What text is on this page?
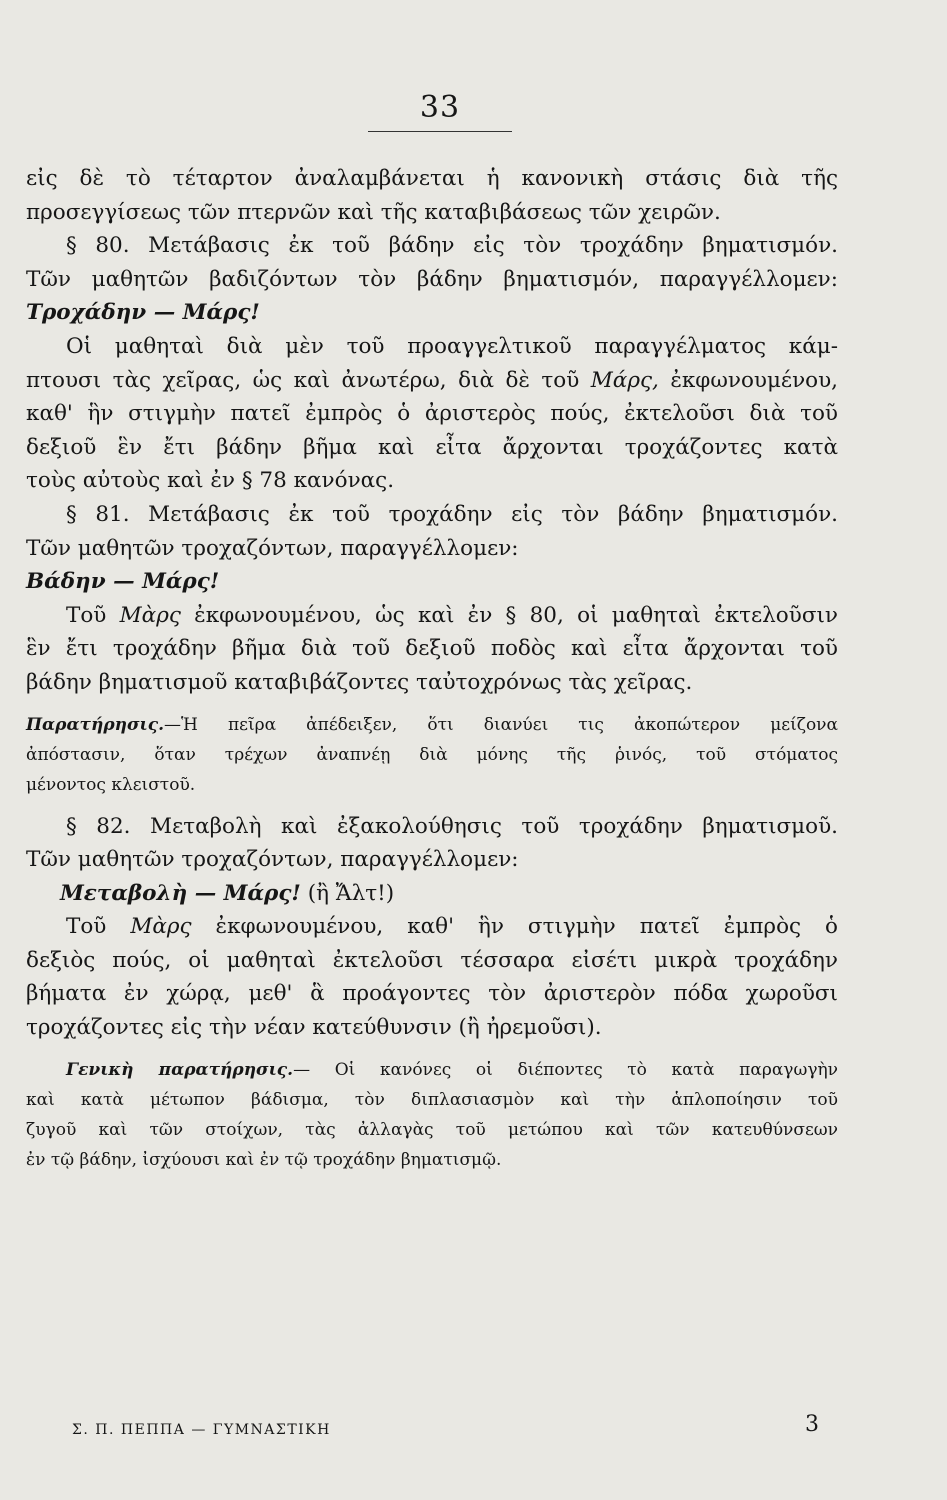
33
εἰς δὲ τὸ τέταρτον ἀναλαμβάνεται ἡ κανονικὴ στάσις διὰ τῆς
προσεγγίσεως τῶν πτερνῶν καὶ τῆς καταβιβάσεως τῶν χειρῶν.
§ 80. Μετάβασις ἐκ τοῦ βάδην εἰς τὸν τροχάδην βηματισμόν.
Τῶν μαθητῶν βαδιζόντων τὸν βάδην βηματισμόν, παραγγέλλομεν:
Τροχάδην — Μάρς!
Οἱ μαθηταὶ διὰ μὲν τοῦ προαγγελτικοῦ παραγγέλματος κάμ-
πτουσι τὰς χεῖρας, ὡς καὶ ἀνωτέρω, διὰ δὲ τοῦ Μάρς, ἐκφωνουμένου,
καθ' ἣν στιγμὴν πατεῖ ἐμπρὸς ὁ ἀριστερὸς πούς, ἐκτελοῦσι διὰ τοῦ
δεξιοῦ ἓν ἔτι βάδην βῆμα καὶ εἶτα ἄρχονται τροχάζοντες κατὰ
τοὺς αὐτοὺς καὶ ἐν § 78 κανόνας.
§ 81. Μετάβασις ἐκ τοῦ τροχάδην εἰς τὸν βάδην βηματισμόν.
Τῶν μαθητῶν τροχαζόντων, παραγγέλλομεν:
Βάδην — Μάρς!
Τοῦ Μὰρς ἐκφωνουμένου, ὡς καὶ ἐν § 80, οἱ μαθηταὶ ἐκτελοῦσιν
ἓν ἔτι τροχάδην βῆμα διὰ τοῦ δεξιοῦ ποδὸς καὶ εἶτα ἄρχονται τοῦ
βάδην βηματισμοῦ καταβιβάζοντες ταὐτοχρόνως τὰς χεῖρας.
Παρατήρησις.—Ἡ πεῖρα ἀπέδειξεν, ὅτι διανύει τις ἀκοπώτερον μείζονα
ἀπόστασιν, ὅταν τρέχων ἀναπνέῃ διὰ μόνης τῆς ῥινός, τοῦ στόματος
μένοντος κλειστοῦ.
§ 82. Μεταβολὴ καὶ ἐξακολούθησις τοῦ τροχάδην βηματισμοῦ.
Τῶν μαθητῶν τροχαζόντων, παραγγέλλομεν:
Μεταβολὴ — Μάρς! (ἢ Ἄλτ!)
Τοῦ Μὰρς ἐκφωνουμένου, καθ' ἣν στιγμὴν πατεῖ ἐμπρὸς ὁ
δεξιὸς πούς, οἱ μαθηταὶ ἐκτελοῦσι τέσσαρα εἰσέτι μικρὰ τροχάδην
βήματα ἐν χώρᾳ, μεθ' ἃ προάγοντες τὸν ἀριστερὸν πόδα χωροῦσι
τροχάζοντες εἰς τὴν νέαν κατεύθυνσιν (ἢ ἠρεμοῦσι).
Γενικὴ παρατήρησις.— Οἱ κανόνες οἱ διέποντες τὸ κατὰ παραγωγὴν
καὶ κατὰ μέτωπον βάδισμα, τὸν διπλασιασμὸν καὶ τὴν ἁπλοποίησιν τοῦ
ζυγοῦ καὶ τῶν στοίχων, τὰς ἀλλαγὰς τοῦ μετώπου καὶ τῶν κατευθύνσεων
ἐν τῷ βάδην, ἰσχύουσι καὶ ἐν τῷ τροχάδην βηματισμῷ.
Σ. Π. ΠΕΠΠΑ — ΓΥΜΝΑΣΤΙΚΗ	3
